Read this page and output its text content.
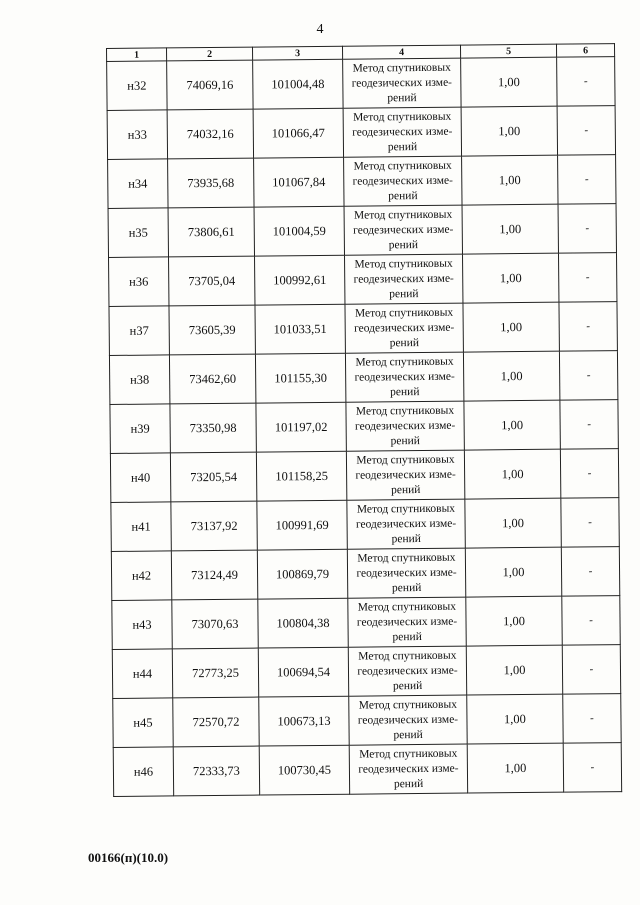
4
1	2	3	4	5	6
н32	74069,16	101004,48	Метод спутниковых геодезических изме-рений	1,00	-
н33	74032,16	101066,47	Метод спутниковых геодезических изме-рений	1,00	-
н34	73935,68	101067,84	Метод спутниковых геодезических изме-рений	1,00	-
н35	73806,61	101004,59	Метод спутниковых геодезических изме-рений	1,00	-
н36	73705,04	100992,61	Метод спутниковых геодезических изме-рений	1,00	-
н37	73605,39	101033,51	Метод спутниковых геодезических изме-рений	1,00	-
н38	73462,60	101155,30	Метод спутниковых геодезических изме-рений	1,00	-
н39	73350,98	101197,02	Метод спутниковых геодезических изме-рений	1,00	-
н40	73205,54	101158,25	Метод спутниковых геодезических изме-рений	1,00	-
н41	73137,92	100991,69	Метод спутниковых геодезических изме-рений	1,00	-
н42	73124,49	100869,79	Метод спутниковых геодезических изме-рений	1,00	-
н43	73070,63	100804,38	Метод спутниковых геодезических изме-рений	1,00	-
н44	72773,25	100694,54	Метод спутниковых геодезических изме-рений	1,00	-
н45	72570,72	100673,13	Метод спутниковых геодезических изме-рений	1,00	-
н46	72333,73	100730,45	Метод спутниковых геодезических изме-рений	1,00	-
00166(п)(10.0)
